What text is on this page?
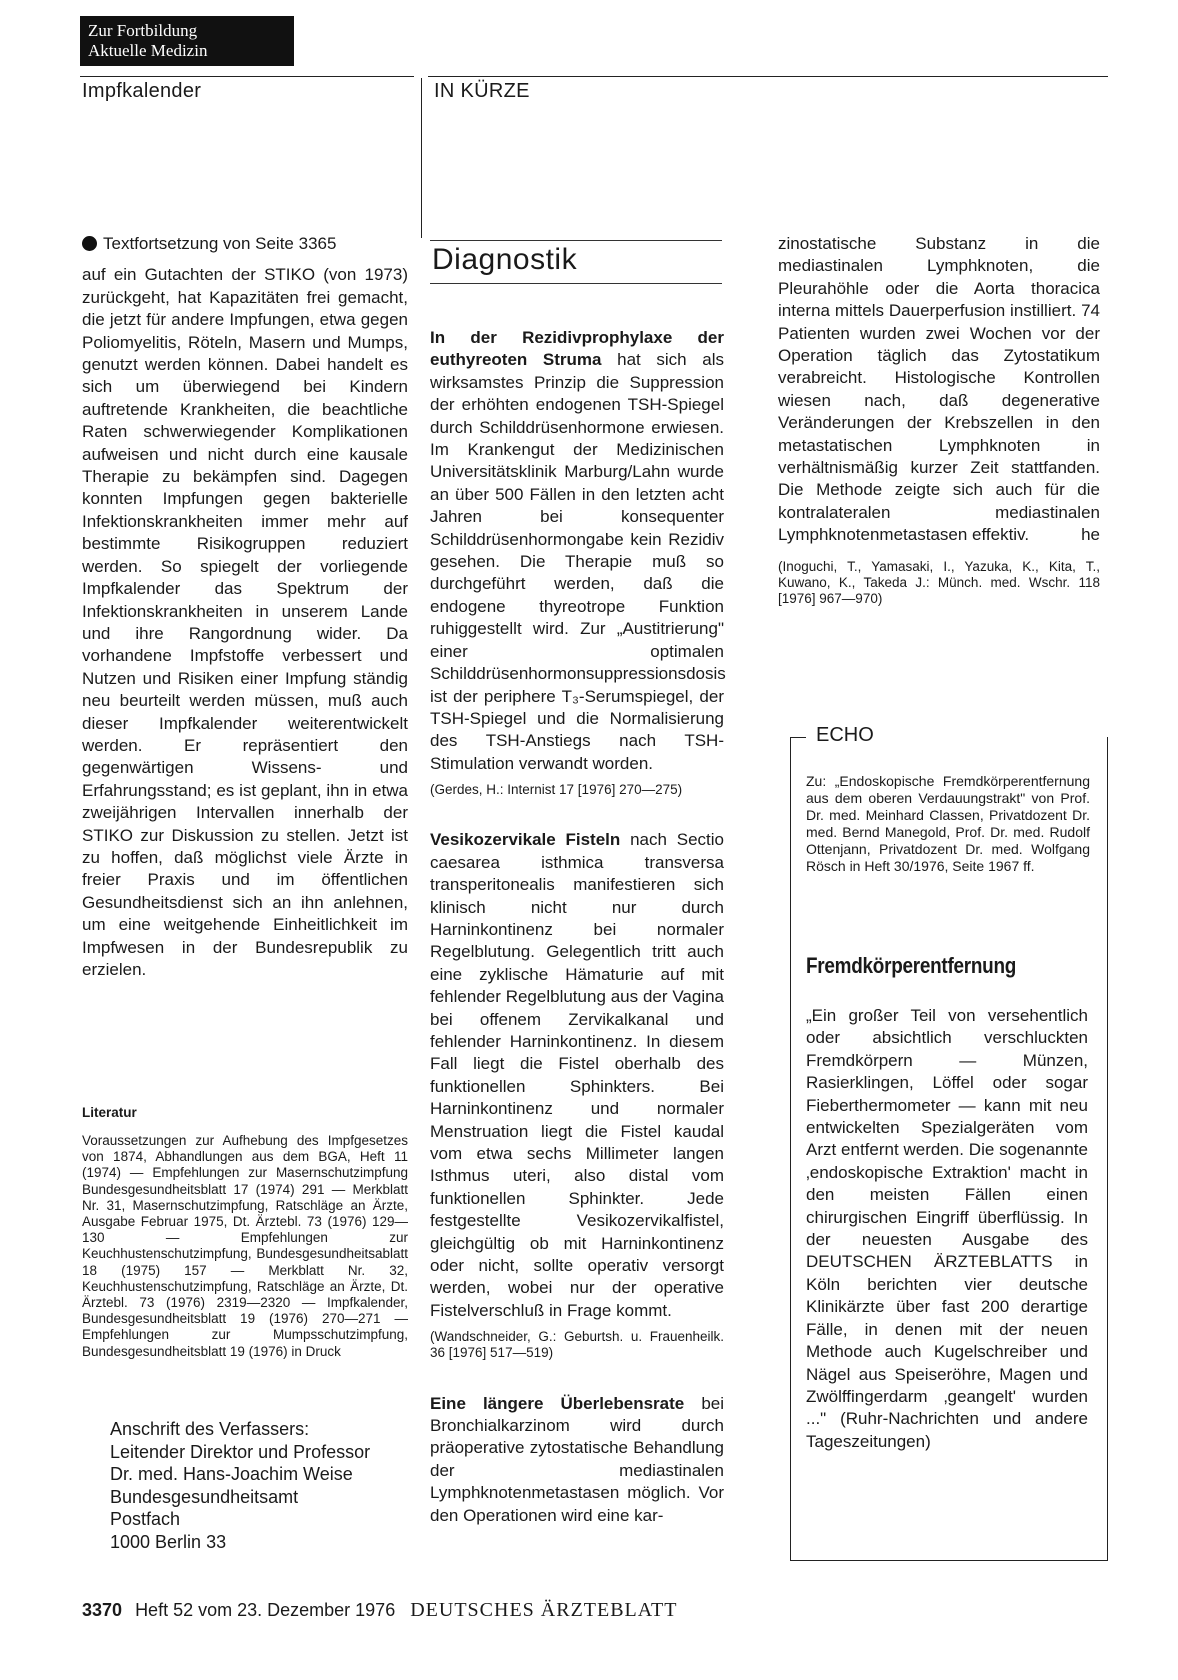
Zur Fortbildung
Aktuelle Medizin
Impfkalender	IN KÜRZE
Textfortsetzung von Seite 3365

auf ein Gutachten der STIKO (von 1973) zurückgeht, hat Kapazitäten frei gemacht, die jetzt für andere Impfungen, etwa gegen Poliomyelitis, Röteln, Masern und Mumps, genutzt werden können. Dabei handelt es sich um überwiegend bei Kindern auftretende Krankheiten, die beachtliche Raten schwerwiegender Komplikationen aufweisen und nicht durch eine kausale Therapie zu bekämpfen sind. Dagegen konnten Impfungen gegen bakterielle Infektionskrankheiten immer mehr auf bestimmte Risikogruppen reduziert werden. So spiegelt der vorliegende Impfkalender das Spektrum der Infektionskrankheiten in unserem Lande und ihre Rangordnung wider. Da vorhandene Impfstoffe verbessert und Nutzen und Risiken einer Impfung ständig neu beurteilt werden müssen, muß auch dieser Impfkalender weiterentwickelt werden. Er repräsentiert den gegenwärtigen Wissens- und Erfahrungsstand; es ist geplant, ihn in etwa zweijährigen Intervallen innerhalb der STIKO zur Diskussion zu stellen. Jetzt ist zu hoffen, daß möglichst viele Ärzte in freier Praxis und im öffentlichen Gesundheitsdienst sich an ihn anlehnen, um eine weitgehende Einheitlichkeit im Impfwesen in der Bundesrepublik zu erzielen.

Literatur
Voraussetzungen zur Aufhebung des Impfgesetzes von 1874, Abhandlungen aus dem BGA, Heft 11 (1974) — Empfehlungen zur Masernschutzimpfung Bundesgesundheitsblatt 17 (1974) 291 — Merkblatt Nr. 31, Masernschutzimpfung, Ratschläge an Ärzte, Ausgabe Februar 1975, Dt. Ärztebl. 73 (1976) 129—130 — Empfehlungen zur Keuchhustenschutzimpfung, Bundesgesundheitsablatt 18 (1975) 157 — Merkblatt Nr. 32, Keuchhustenschutzimpfung, Ratschläge an Ärzte, Dt. Ärztebl. 73 (1976) 2319—2320 — Impfkalender, Bundesgesundheitsblatt 19 (1976) 270—271 — Empfehlungen zur Mumpsschutzimpfung, Bundesgesundheitsblatt 19 (1976) in Druck
Anschrift des Verfassers:
Leitender Direktor und Professor
Dr. med. Hans-Joachim Weise
Bundesgesundheitsamt
Postfach
1000 Berlin 33
Diagnostik

In der Rezidivprophylaxe der euthyreoten Struma hat sich als wirksamstes Prinzip die Suppression der erhöhten endogenen TSH-Spiegel durch Schilddrüsenhormone erwiesen. Im Krankengut der Medizinischen Universitätsklinik Marburg/Lahn wurde an über 500 Fällen in den letzten acht Jahren bei konsequenter Schilddrüsenhormongabe kein Rezidiv gesehen. Die Therapie muß so durchgeführt werden, daß die endogene thyreotrope Funktion ruhiggestellt wird. Zur „Austitrierung" einer optimalen Schilddrüsenhormonsuppressionsdosis ist der periphere T₃-Serumspiegel, der TSH-Spiegel und die Normalisierung des TSH-Anstiegs nach TSH-Stimulation verwandt worden.

(Gerdes, H.: Internist 17 [1976] 270—275)

Vesikozervikale Fisteln nach Sectio caesarea isthmica transversa transperitonealis manifestieren sich klinisch nicht nur durch Harninkontinenz bei normaler Regelblutung. Gelegentlich tritt auch eine zyklische Hämaturie auf mit fehlender Regelblutung aus der Vagina bei offenem Zervikalkanal und fehlender Harninkontinenz. In diesem Fall liegt die Fistel oberhalb des funktionellen Sphinkters. Bei Harninkontinenz und normaler Menstruation liegt die Fistel kaudal vom etwa sechs Millimeter langen Isthmus uteri, also distal vom funktionellen Sphinkter. Jede festgestellte Vesikozervikalfistel, gleichgültig ob mit Harninkontinenz oder nicht, sollte operativ versorgt werden, wobei nur der operative Fistelverschluß in Frage kommt.

(Wandschneider, G.: Geburtsh. u. Frauenheilk. 36 [1976] 517—519)

Eine längere Überlebensrate bei Bronchialkarzinom wird durch präoperative zytostatische Behandlung der mediastinalen Lymphknotenmetastasen möglich. Vor den Operationen wird eine kar-

zinostatische Substanz in die mediastinalen Lymphknoten, die Pleurahöhle oder die Aorta thoracica interna mittels Dauerperfusion instilliert. 74 Patienten wurden zwei Wochen vor der Operation täglich das Zytostatikum verabreicht. Histologische Kontrollen wiesen nach, daß degenerative Veränderungen der Krebszellen in den metastatischen Lymphknoten in verhältnismäßig kurzer Zeit stattfanden. Die Methode zeigte sich auch für die kontralateralen mediastinalen Lymphknotenmetastasen effektiv.	he
(Inoguchi, T., Yamasaki, I., Yazuka, K., Kita, T., Kuwano, K., Takeda J.: Münch. med. Wschr. 118 [1976] 967—970)
ECHO
Zu: „Endoskopische Fremdkörperentfernung aus dem oberen Verdauungstrakt" von Prof. Dr. med. Meinhard Classen, Privatdozent Dr. med. Bernd Manegold, Prof. Dr. med. Rudolf Ottenjann, Privatdozent Dr. med. Wolfgang Rösch in Heft 30/1976, Seite 1967 ff.
Fremdkörperentfernung

„Ein großer Teil von versehentlich oder absichtlich verschluckten Fremdkörpern — Münzen, Rasierklingen, Löffel oder sogar Fieberthermometer — kann mit neu entwickelten Spezialgeräten vom Arzt entfernt werden. Die sogenannte ‚endoskopische Extraktion' macht in den meisten Fällen einen chirurgischen Eingriff überflüssig. In der neuesten Ausgabe des DEUTSCHEN ÄRZTEBLATTS in Köln berichten vier deutsche Klinikärzte über fast 200 derartige Fälle, in denen mit der neuen Methode auch Kugelschreiber und Nägel aus Speiseröhre, Magen und Zwölffingerdarm ‚geangelt' wurden ..." (Ruhr-Nachrichten und andere Tageszeitungen)

3370 Heft 52 vom 23. Dezember 1976 DEUTSCHES ÄRZTEBLATT
